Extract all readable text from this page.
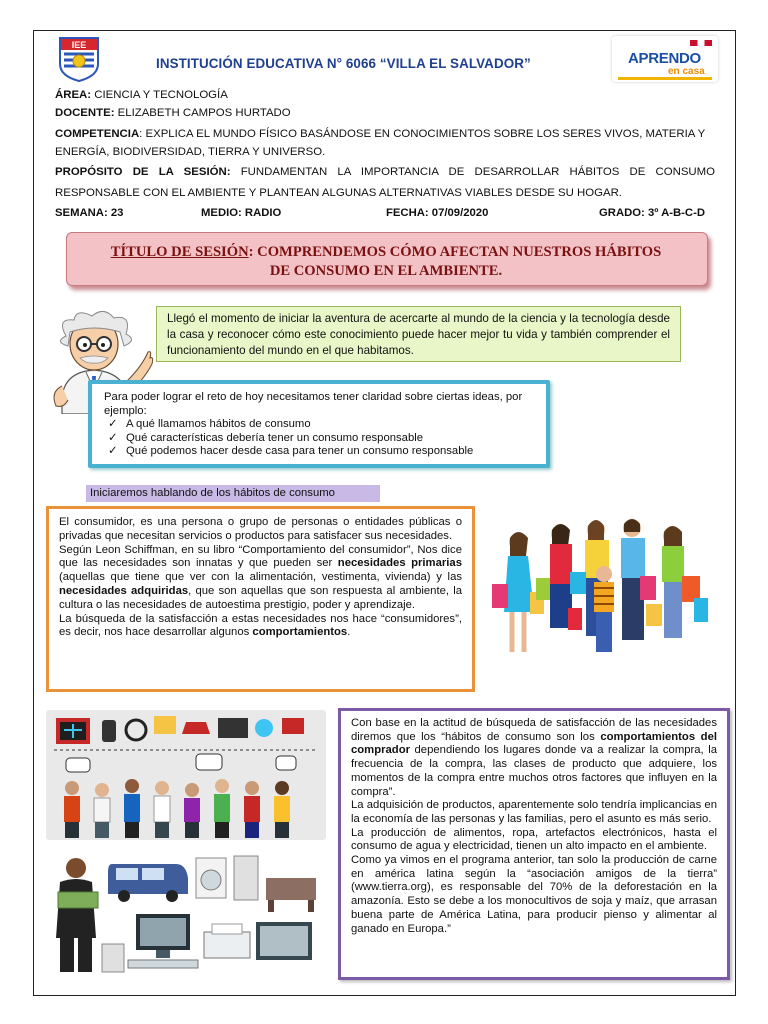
IEE
INSTITUCIÓN EDUCATIVA N° 6066 “VILLA EL SALVADOR”	APRENDO
en casa
ÁREA: CIENCIA Y TECNOLOGÍA
DOCENTE: ELIZABETH CAMPOS HURTADO
COMPETENCIA: EXPLICA EL MUNDO FÍSICO BASÁNDOSE EN CONOCIMIENTOS SOBRE LOS SERES VIVOS, MATERIA Y ENERGÍA, BIODIVERSIDAD, TIERRA Y UNIVERSO.
PROPÓSITO DE LA SESIÓN: FUNDAMENTAN LA IMPORTANCIA DE DESARROLLAR HÁBITOS DE CONSUMO RESPONSABLE CON EL AMBIENTE Y PLANTEAN ALGUNAS ALTERNATIVAS VIABLES DESDE SU HOGAR.
SEMANA: 23	MEDIO: RADIO	FECHA: 07/09/2020	GRADO: 3º A-B-C-D
TÍTULO DE SESIÓN: COMPRENDEMOS CÓMO AFECTAN NUESTROS HÁBITOS
DE CONSUMO EN EL AMBIENTE.
Llegó el momento de iniciar la aventura de acercarte al mundo de la ciencia y la tecnología desde la casa y reconocer cómo este conocimiento puede hacer mejor tu vida y también comprender el funcionamiento del mundo en el que habitamos.
Para poder lograr el reto de hoy necesitamos tener claridad sobre ciertas ideas, por ejemplo:
✓ A qué llamamos hábitos de consumo
✓ Qué características debería tener un consumo responsable
✓ Qué podemos hacer desde casa para tener un consumo responsable
Iniciaremos hablando de los hábitos de consumo

El consumidor, es una persona o grupo de personas o entidades públicas o privadas que necesitan servicios o productos para satisfacer sus necesidades.

Según Leon Schiffman, en su libro “Comportamiento del consumidor”, Nos dice que las necesidades son innatas y que pueden ser necesidades primarias (aquellas que tiene que ver con la alimentación, vestimenta, vivienda) y las necesidades adquiridas, que son aquellas que son respuesta al ambiente, la cultura o las necesidades de autoestima prestigio, poder y aprendizaje.

La búsqueda de la satisfacción a estas necesidades nos hace “consumidores”, es decir, nos hace desarrollar algunos comportamientos.

Con base en la actitud de búsqueda de satisfacción de las necesidades diremos que los “hábitos de consumo son los comportamientos del comprador dependiendo los lugares donde va a realizar la compra, la frecuencia de la compra, las clases de producto que adquiere, los momentos de la compra entre muchos otros factores que influyen en la compra”.

La adquisición de productos, aparentemente solo tendría implicancias en la economía de las personas y las familias, pero el asunto es más serio.

La producción de alimentos, ropa, artefactos electrónicos, hasta el consumo de agua y electricidad, tienen un alto impacto en el ambiente.

Como ya vimos en el programa anterior, tan solo la producción de carne en américa latina según la “asociación amigos de la tierra” (www.tierra.org), es responsable del 70% de la deforestación en la amazonía. Esto se debe a los monocultivos de soja y maíz, que arrasan buena parte de América Latina, para producir pienso y alimentar al ganado en Europa.”
